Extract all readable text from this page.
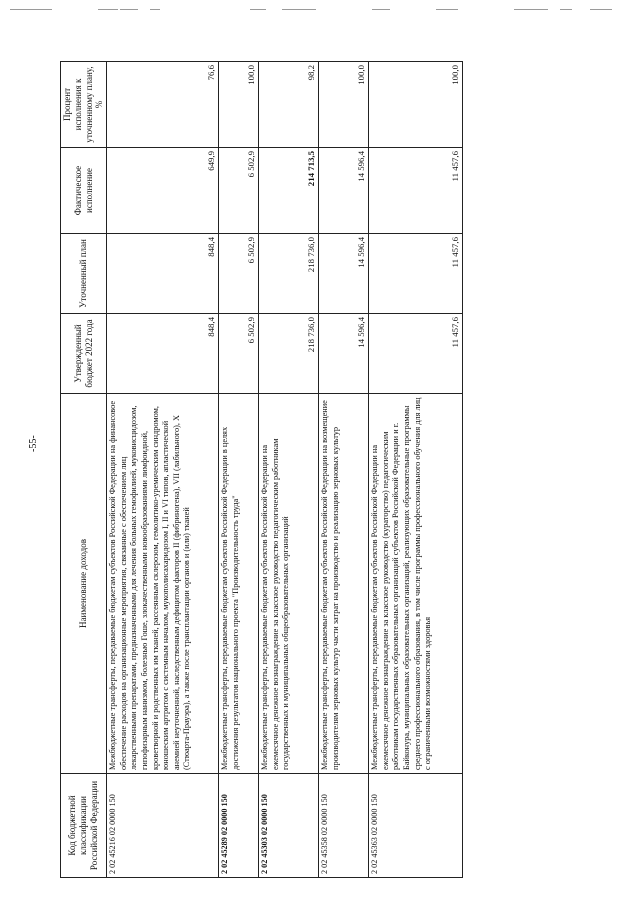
-55-
Код бюджетной классификации Российской Федерации	Наименование доходов	Утвержденный бюджет 2022 года	Уточненный план	Фактическое исполнение	Процент исполнения к уточненному плану, %
2 02 45216 02 0000 150	Межбюджетные трансферты, передаваемые бюджетам субъектов Российской Федерации на финансовое обеспечение расходов на организационные мероприятия, связанные с обеспечением лиц лекарственными препаратами, предназначенными для лечения больных гемофилией, муковисцидозом, гипофизарным нанизмом, болезнью Гоше, злокачественными новообразованиями лимфоидной, кроветворной и родственных им тканей, рассеянным склерозом, гемолитико-уремическим синдромом, юношеским артритом с системным началом, мукополисахаридозом I, II и VI типов, апластической анемией неуточненной, наследственным дефицитом факторов II (фибриногена), VII (лабильного), X (Стюарта-Прауэра), а также после трансплантации органов и (или) тканей	848,4	848,4	649,9	76,6
2 02 45289 02 0000 150	Межбюджетные трансферты, передаваемые бюджетам субъектов Российской Федерации в целях достижения результатов национального проекта "Производительность труда"	6 502,9	6 502,9	6 502,9	100,0
2 02 45303 02 0000 150	Межбюджетные трансферты, передаваемые бюджетам субъектов Российской Федерации на ежемесячное денежное вознаграждение за классное руководство педагогическим работникам государственных и муниципальных общеобразовательных организаций	218 736,0	218 736,0	214 713,5	98,2
2 02 45358 02 0000 150	Межбюджетные трансферты, передаваемые бюджетам субъектов Российской Федерации на возмещение производителям зерновых культур части затрат на производство и реализацию зерновых культур	14 596,4	14 596,4	14 596,4	100,0
2 02 45363 02 0000 150	Межбюджетные трансферты, передаваемые бюджетам субъектов Российской Федерации на ежемесячное денежное вознаграждение за классное руководство (кураторство) педагогическим работникам государственных образовательных организаций субъектов Российской Федерации и г. Байконура, муниципальных образовательных организаций, реализующих образовательные программы среднего профессионального образования, в том числе программы профессионального обучения для лиц с ограниченными возможностями здоровья	11 457,6	11 457,6	11 457,6	100,0
